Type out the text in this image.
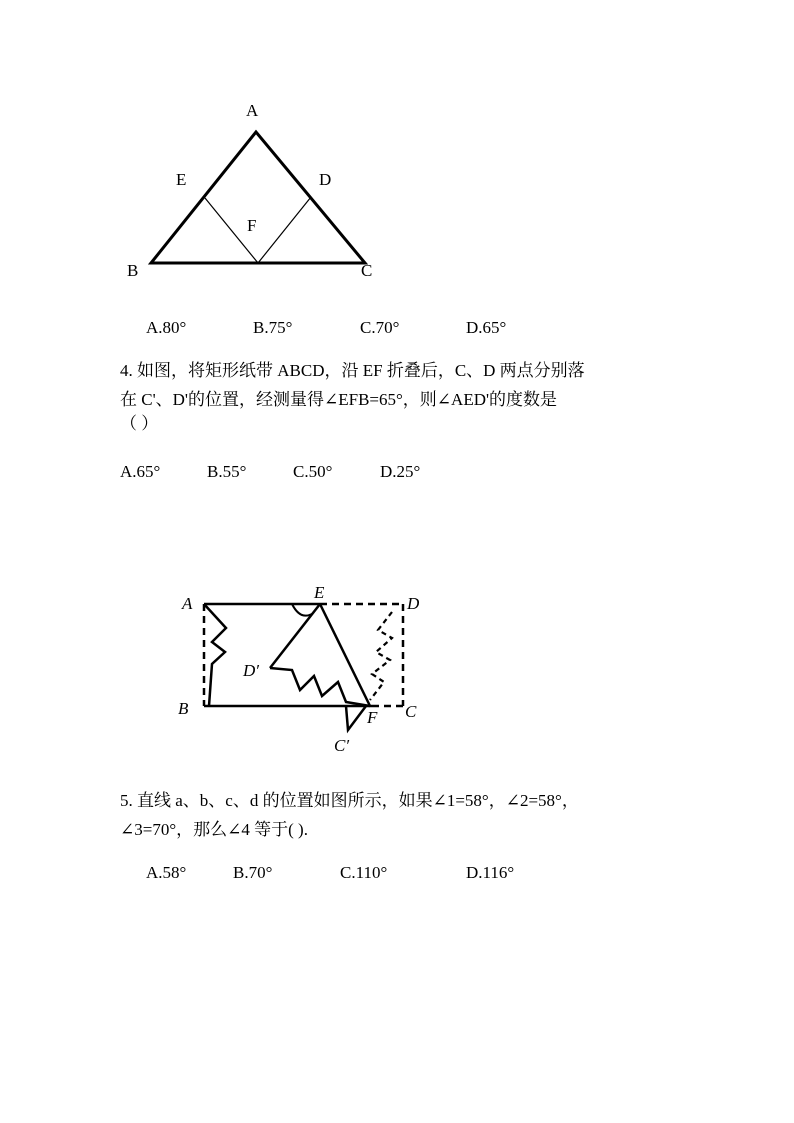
A
E	D
F
B	C
A.80°	B.75°	C.70°	D.65°
4. 如图，将矩形纸带 ABCD，沿 EF 折叠后，C、D 两点分别落
在 C'、D'的位置，经测量得∠EFB=65°，则∠AED'的度数是
（ ）
A.65°	B.55°	C.50°	D.25°
A
E
D
D′
B	C
F
C′
5. 直线 a、b、c、d 的位置如图所示，如果∠1=58°，∠2=58°，
∠3=70°，那么∠4 等于( ).
A.58°	B.70°	C.110°	D.116°
